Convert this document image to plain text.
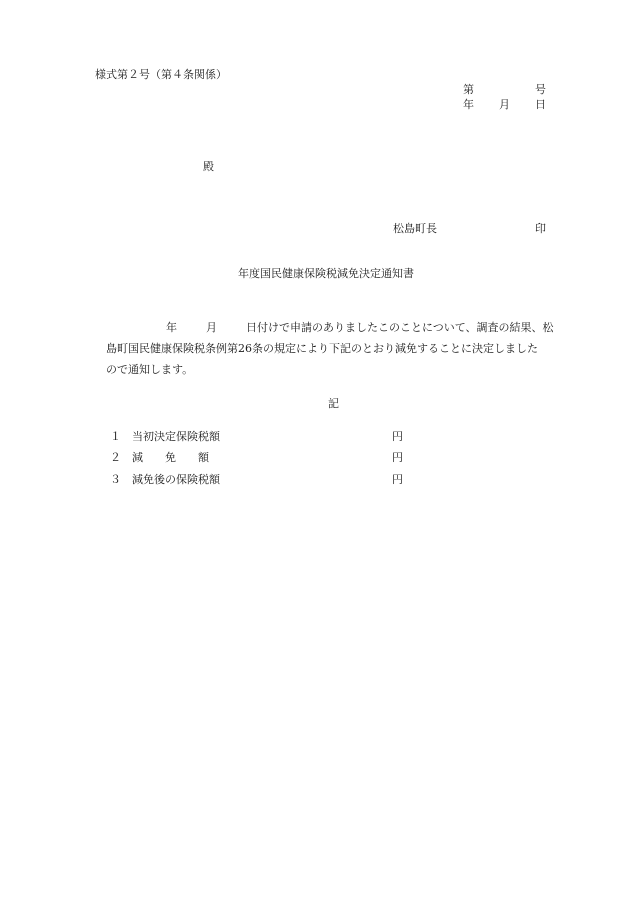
様式第２号（第４条関係）
第	号
年 月 日
殿
松島町長	印
年度国民健康保険税減免決定通知書
年	月	日付けで申請のありましたこのことについて、調査の結果、松
島町国民健康保険税条例第26条の規定により下記のとおり減免することに決定しました
ので通知します。
記
１ 当初決定保険税額	円
２ 減　　免　　額	円
３ 減免後の保険税額	円
